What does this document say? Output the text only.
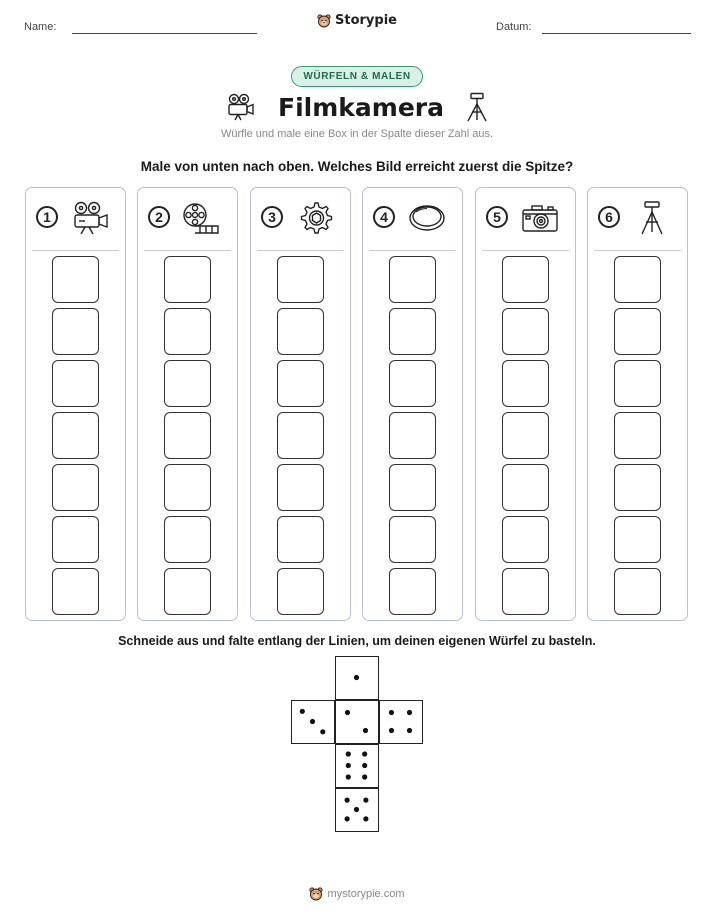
Name:	Storypie	Datum:
WÜRFELN & MALEN
Filmkamera
Würfle und male eine Box in der Spalte dieser Zahl aus.
Male von unten nach oben. Welches Bild erreicht zuerst die Spitze?
1	2	3	4	5	6
Schneide aus und falte entlang der Linien, um deinen eigenen Würfel zu basteln.
mystorypie.com
